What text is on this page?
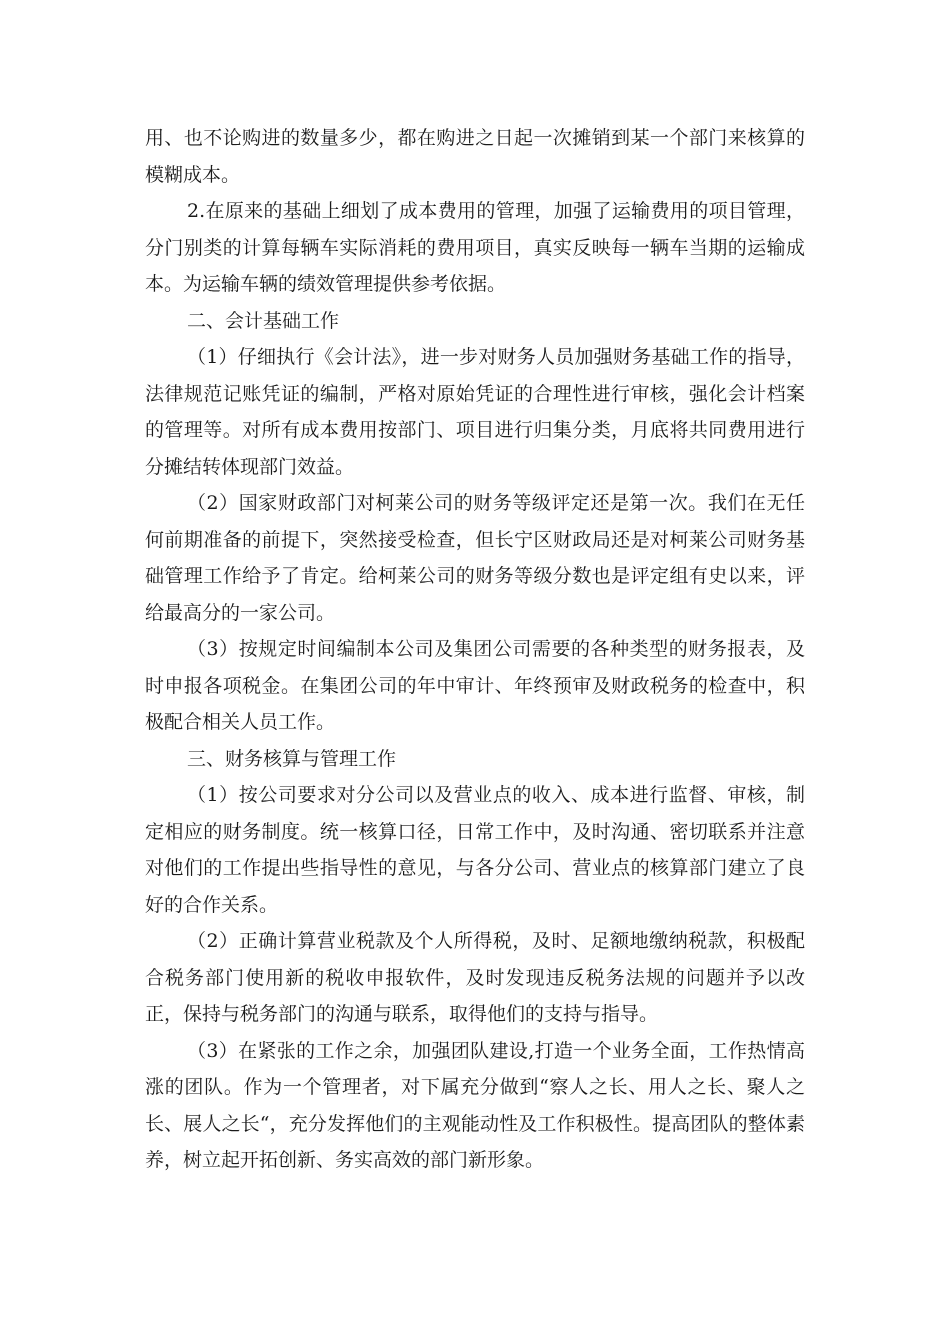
用、也不论购进的数量多少，都在购进之日起一次摊销到某一个部门来核算的模糊成本。

2.在原来的基础上细划了成本费用的管理，加强了运输费用的项目管理，分门别类的计算每辆车实际消耗的费用项目，真实反映每一辆车当期的运输成本。为运输车辆的绩效管理提供参考依据。

二、会计基础工作

（1）仔细执行《会计法》，进一步对财务人员加强财务基础工作的指导，法律规范记账凭证的编制，严格对原始凭证的合理性进行审核，强化会计档案的管理等。对所有成本费用按部门、项目进行归集分类，月底将共同费用进行分摊结转体现部门效益。

（2）国家财政部门对柯莱公司的财务等级评定还是第一次。我们在无任何前期准备的前提下，突然接受检查，但长宁区财政局还是对柯莱公司财务基础管理工作给予了肯定。给柯莱公司的财务等级分数也是评定组有史以来，评给最高分的一家公司。

（3）按规定时间编制本公司及集团公司需要的各种类型的财务报表，及时申报各项税金。在集团公司的年中审计、年终预审及财政税务的检查中，积极配合相关人员工作。

三、财务核算与管理工作

（1）按公司要求对分公司以及营业点的收入、成本进行监督、审核，制定相应的财务制度。统一核算口径，日常工作中，及时沟通、密切联系并注意对他们的工作提出些指导性的意见，与各分公司、营业点的核算部门建立了良好的合作关系。

（2）正确计算营业税款及个人所得税，及时、足额地缴纳税款，积极配合税务部门使用新的税收申报软件，及时发现违反税务法规的问题并予以改正，保持与税务部门的沟通与联系，取得他们的支持与指导。

（3）在紧张的工作之余，加强团队建设,打造一个业务全面，工作热情高涨的团队。作为一个管理者，对下属充分做到“察人之长、用人之长、聚人之长、展人之长“，充分发挥他们的主观能动性及工作积极性。提高团队的整体素养，树立起开拓创新、务实高效的部门新形象。
